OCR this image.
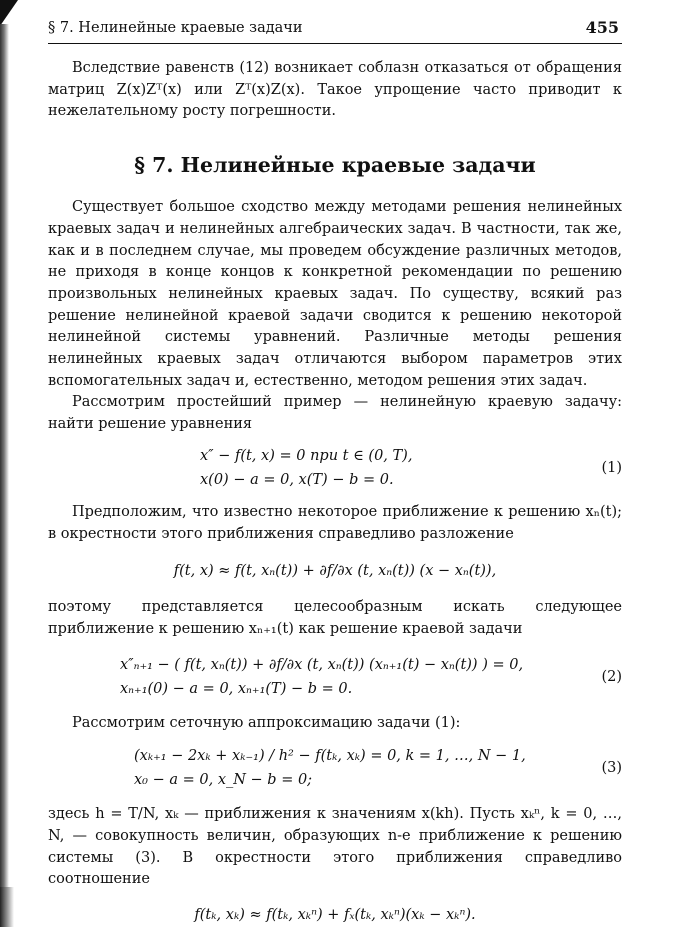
§ 7. Нелинейные краевые задачи	455

Вследствие равенств (12) возникает соблазн отказаться от обращения матриц Z(x)Zᵀ(x) или Zᵀ(x)Z(x). Такое упрощение часто приводит к нежелательному росту погрешности.

§ 7. Нелинейные краевые задачи

Существует большое сходство между методами решения нелинейных краевых задач и нелинейных алгебраических задач. В частности, так же, как и в последнем случае, мы проведем обсуждение различных методов, не приходя в конце концов к конкретной рекомендации по решению произвольных нелинейных краевых задач. По существу, всякий раз решение нелинейной краевой задачи сводится к решению некоторой нелинейной системы уравнений. Различные методы решения нелинейных краевых задач отличаются выбором параметров этих вспомогательных задач и, естественно, методом решения этих задач.

Рассмотрим простейший пример — нелинейную краевую задачу: найти решение уравнения

x″ − f(t, x) = 0 при t ∈ (0, T),
x(0) − a = 0, x(T) − b = 0.
(1)

Предположим, что известно некоторое приближение к решению xₙ(t); в окрестности этого приближения справедливо разложение

f(t, x) ≈ f(t, xₙ(t)) + ∂f/∂x (t, xₙ(t)) (x − xₙ(t)),

поэтому представляется целесообразным искать следующее приближение к решению xₙ₊₁(t) как решение краевой задачи

x″ₙ₊₁ − ( f(t, xₙ(t)) + ∂f/∂x (t, xₙ(t)) (xₙ₊₁(t) − xₙ(t)) ) = 0,
xₙ₊₁(0) − a = 0, xₙ₊₁(T) − b = 0.
(2)

Рассмотрим сеточную аппроксимацию задачи (1):

(xₖ₊₁ − 2xₖ + xₖ₋₁) / h² − f(tₖ, xₖ) = 0, k = 1, …, N − 1,
x₀ − a = 0, x_N − b = 0;
(3)

здесь h = T/N, xₖ — приближения к значениям x(kh). Пусть xₖⁿ, k = 0, …, N, — совокупность величин, образующих n-е приближение к решению системы (3). В окрестности этого приближения справедливо соотношение

f(tₖ, xₖ) ≈ f(tₖ, xₖⁿ) + fₓ(tₖ, xₖⁿ)(xₖ − xₖⁿ).
